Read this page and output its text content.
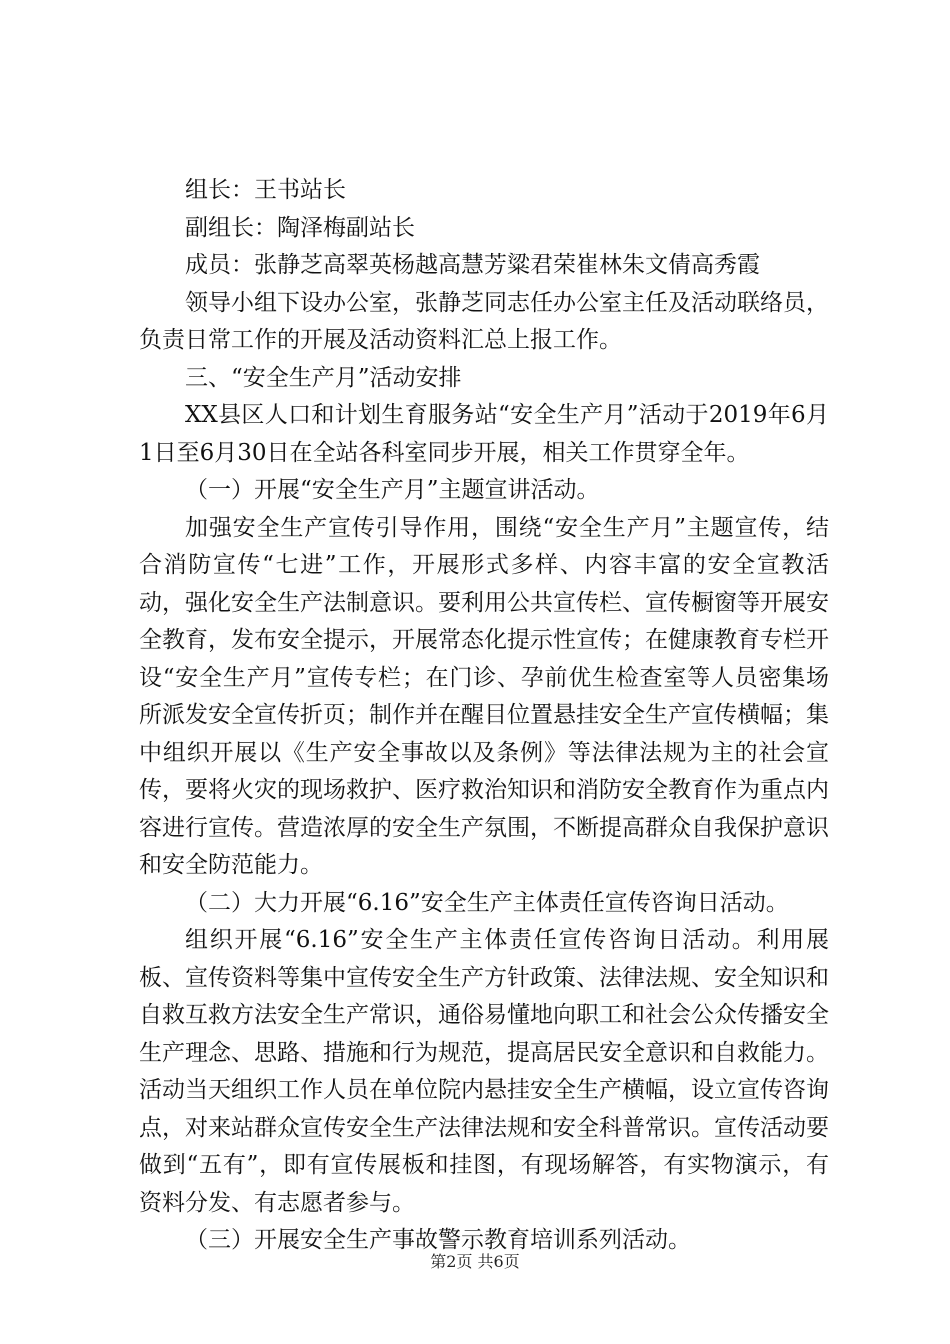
组长：王书站长

副组长：陶泽梅副站长

成员：张静芝高翠英杨越高慧芳粱君荣崔林朱文倩高秀霞

领导小组下设办公室，张静芝同志任办公室主任及活动联络员，负责日常工作的开展及活动资料汇总上报工作。

三、“安全生产月”活动安排

XX县区人口和计划生育服务站“安全生产月”活动于2019年6月1日至6月30日在全站各科室同步开展，相关工作贯穿全年。

（一）开展“安全生产月”主题宣讲活动。

加强安全生产宣传引导作用，围绕“安全生产月”主题宣传，结合消防宣传“七进”工作，开展形式多样、内容丰富的安全宣教活动，强化安全生产法制意识。要利用公共宣传栏、宣传橱窗等开展安全教育，发布安全提示，开展常态化提示性宣传；在健康教育专栏开设“安全生产月”宣传专栏；在门诊、孕前优生检查室等人员密集场所派发安全宣传折页；制作并在醒目位置悬挂安全生产宣传横幅；集中组织开展以《生产安全事故以及条例》等法律法规为主的社会宣传，要将火灾的现场救护、医疗救治知识和消防安全教育作为重点内容进行宣传。营造浓厚的安全生产氛围，不断提高群众自我保护意识和安全防范能力。

（二）大力开展“6.16”安全生产主体责任宣传咨询日活动。

组织开展“6.16”安全生产主体责任宣传咨询日活动。利用展板、宣传资料等集中宣传安全生产方针政策、法律法规、安全知识和自救互救方法安全生产常识，通俗易懂地向职工和社会公众传播安全生产理念、思路、措施和行为规范，提高居民安全意识和自救能力。活动当天组织工作人员在单位院内悬挂安全生产横幅，设立宣传咨询点，对来站群众宣传安全生产法律法规和安全科普常识。宣传活动要做到“五有”，即有宣传展板和挂图，有现场解答，有实物演示，有资料分发、有志愿者参与。

（三）开展安全生产事故警示教育培训系列活动。

第2页 共6页
